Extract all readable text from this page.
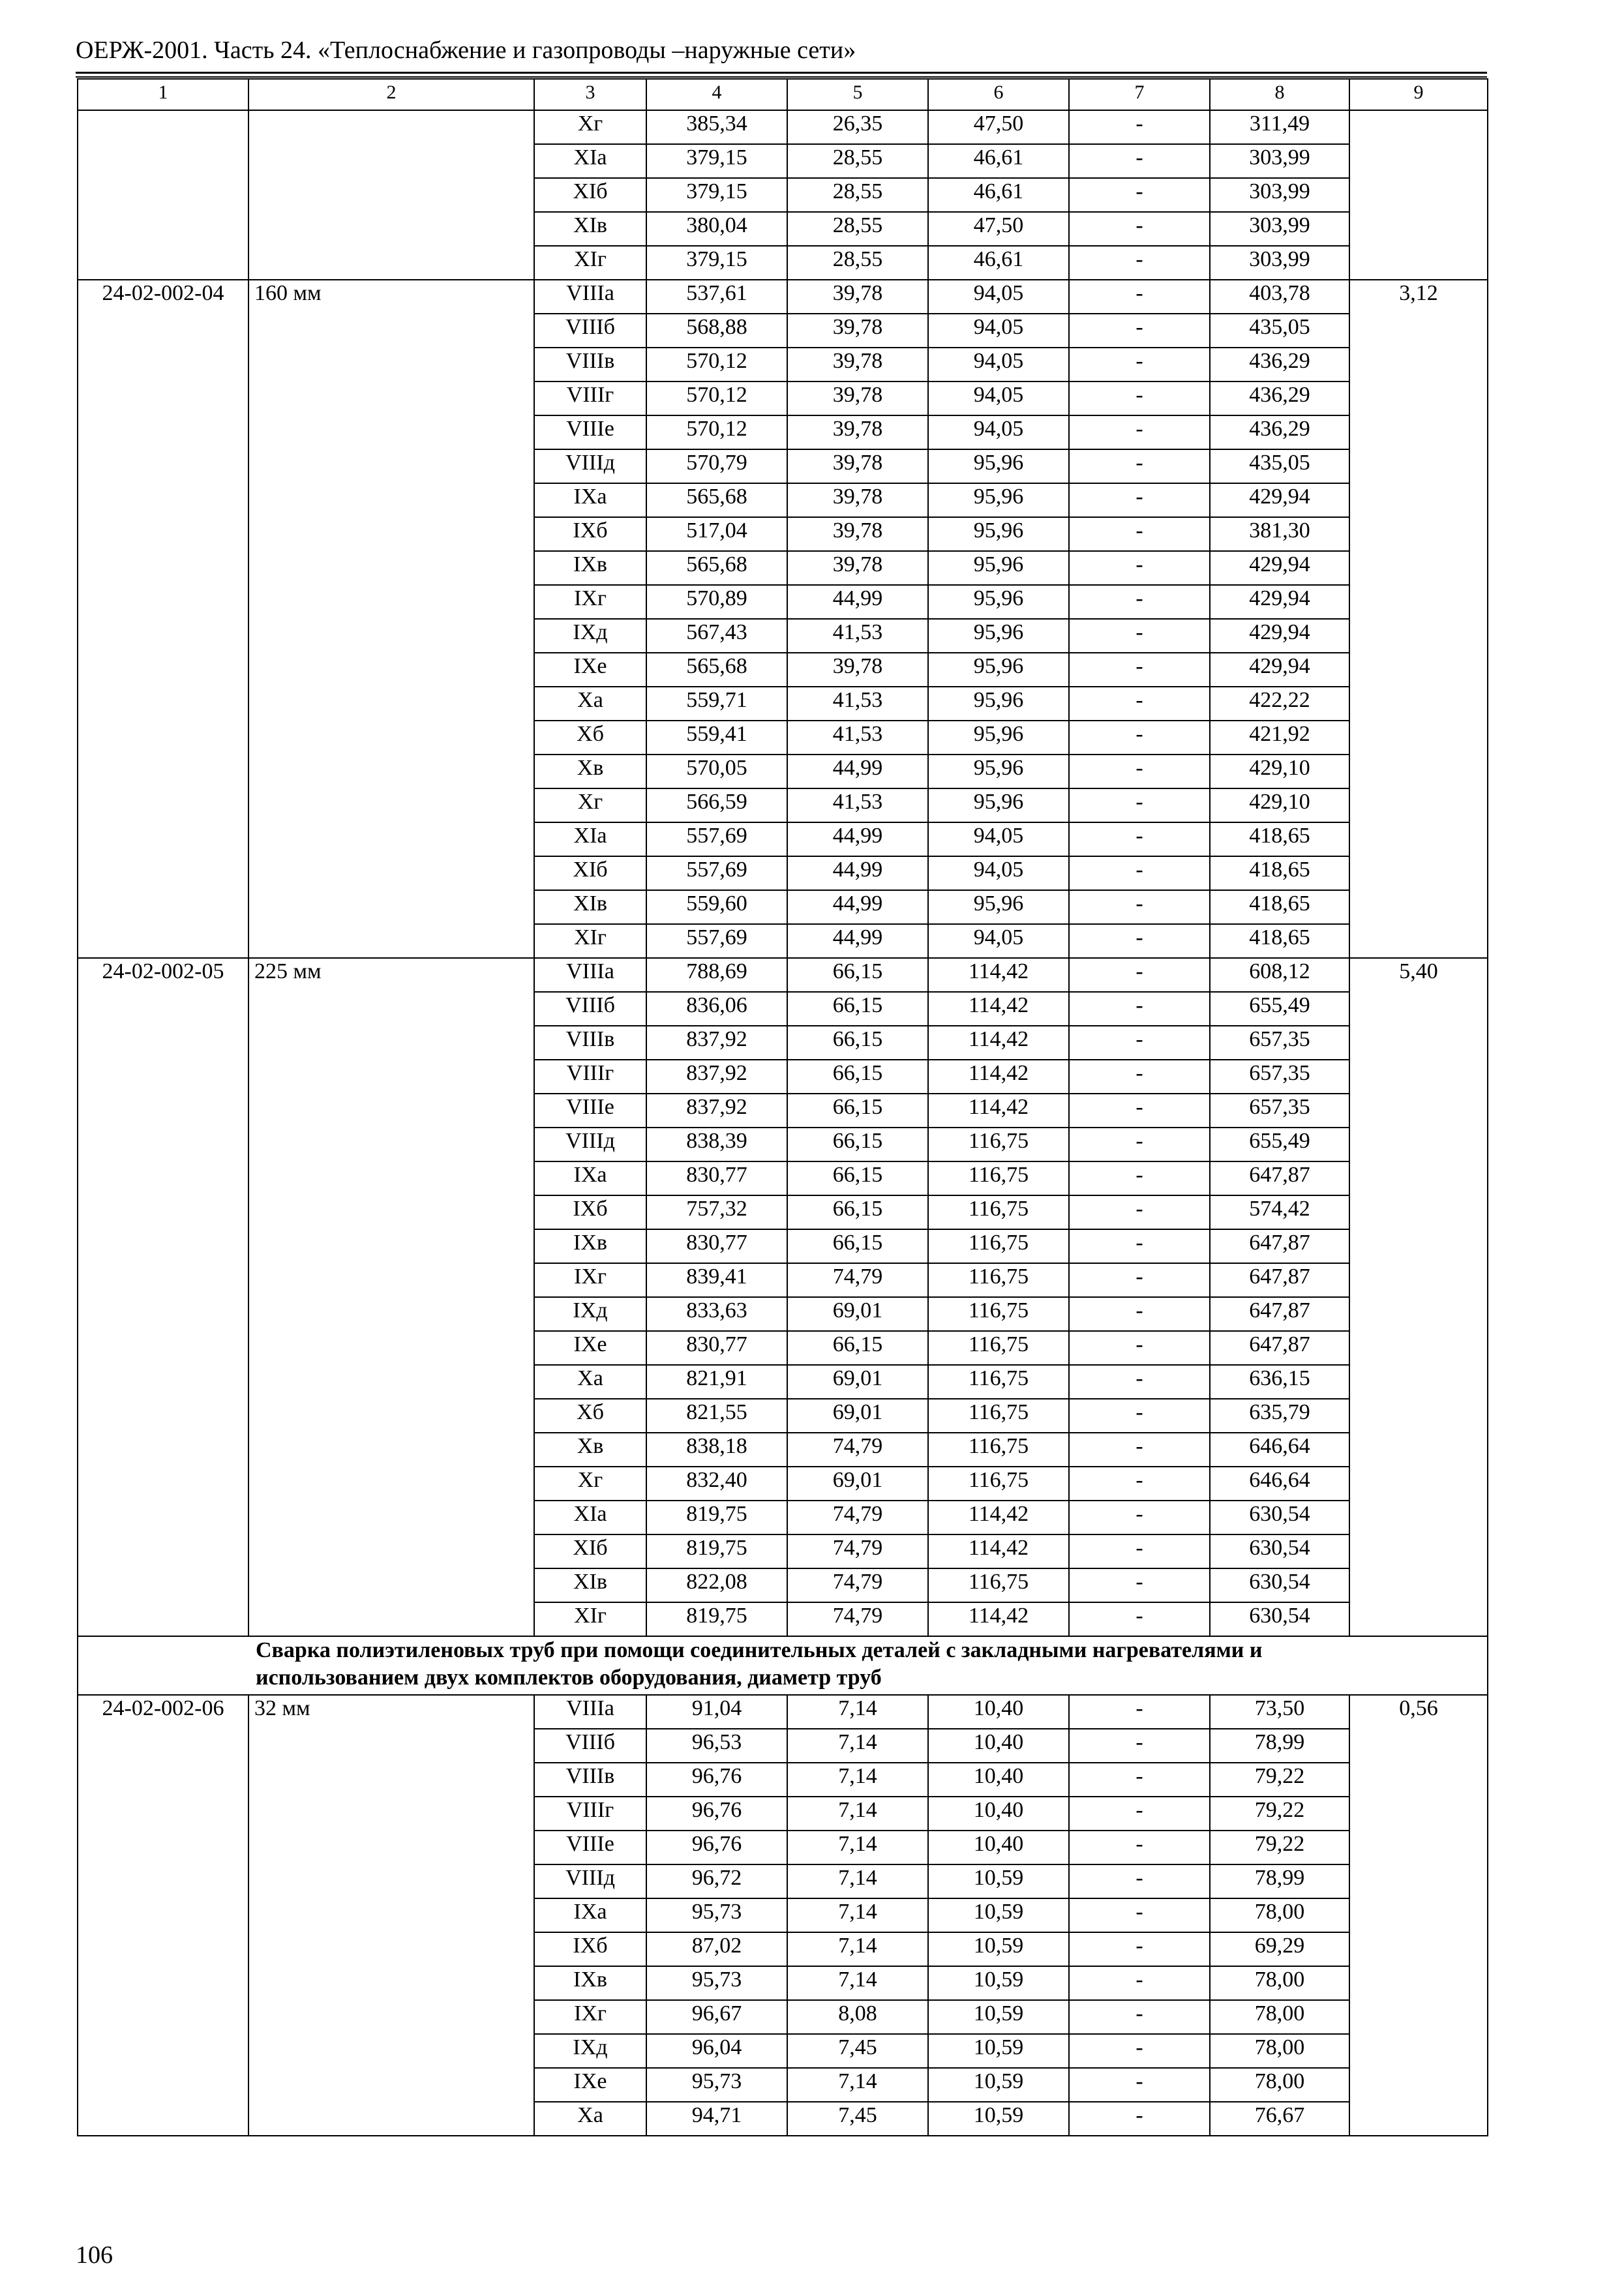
ОЕРЖ-2001. Часть 24. «Теплоснабжение и газопроводы –наружные сети»
1	2	3	4	5	6	7	8	9
		Xг	385,34	26,35	47,50	-	311,49	
		XIа	379,15	28,55	46,61	-	303,99	
		XIб	379,15	28,55	46,61	-	303,99	
		XIв	380,04	28,55	47,50	-	303,99	
		XIг	379,15	28,55	46,61	-	303,99	
24-02-002-04	160 мм	VIIIа	537,61	39,78	94,05	-	403,78	3,12
		VIIIб	568,88	39,78	94,05	-	435,05	
		VIIIв	570,12	39,78	94,05	-	436,29	
		VIIIг	570,12	39,78	94,05	-	436,29	
		VIIIе	570,12	39,78	94,05	-	436,29	
		VIIIд	570,79	39,78	95,96	-	435,05	
		IXа	565,68	39,78	95,96	-	429,94	
		IXб	517,04	39,78	95,96	-	381,30	
		IXв	565,68	39,78	95,96	-	429,94	
		IXг	570,89	44,99	95,96	-	429,94	
		IXд	567,43	41,53	95,96	-	429,94	
		IXе	565,68	39,78	95,96	-	429,94	
		Xа	559,71	41,53	95,96	-	422,22	
		Xб	559,41	41,53	95,96	-	421,92	
		Xв	570,05	44,99	95,96	-	429,10	
		Xг	566,59	41,53	95,96	-	429,10	
		XIа	557,69	44,99	94,05	-	418,65	
		XIб	557,69	44,99	94,05	-	418,65	
		XIв	559,60	44,99	95,96	-	418,65	
		XIг	557,69	44,99	94,05	-	418,65	
24-02-002-05	225 мм	VIIIа	788,69	66,15	114,42	-	608,12	5,40
		VIIIб	836,06	66,15	114,42	-	655,49	
		VIIIв	837,92	66,15	114,42	-	657,35	
		VIIIг	837,92	66,15	114,42	-	657,35	
		VIIIе	837,92	66,15	114,42	-	657,35	
		VIIIд	838,39	66,15	116,75	-	655,49	
		IXа	830,77	66,15	116,75	-	647,87	
		IXб	757,32	66,15	116,75	-	574,42	
		IXв	830,77	66,15	116,75	-	647,87	
		IXг	839,41	74,79	116,75	-	647,87	
		IXд	833,63	69,01	116,75	-	647,87	
		IXе	830,77	66,15	116,75	-	647,87	
		Xа	821,91	69,01	116,75	-	636,15	
		Xб	821,55	69,01	116,75	-	635,79	
		Xв	838,18	74,79	116,75	-	646,64	
		Xг	832,40	69,01	116,75	-	646,64	
		XIа	819,75	74,79	114,42	-	630,54	
		XIб	819,75	74,79	114,42	-	630,54	
		XIв	822,08	74,79	116,75	-	630,54	
		XIг	819,75	74,79	114,42	-	630,54	

Сварка полиэтиленовых труб при помощи соединительных деталей с закладными нагревателями и использованием двух комплектов оборудования, диаметр труб								

24-02-002-06	32 мм	VIIIа	91,04	7,14	10,40	-	73,50	0,56
		VIIIб	96,53	7,14	10,40	-	78,99	
		VIIIв	96,76	7,14	10,40	-	79,22	
		VIIIг	96,76	7,14	10,40	-	79,22	
		VIIIе	96,76	7,14	10,40	-	79,22	
		VIIIд	96,72	7,14	10,59	-	78,99	
		IXа	95,73	7,14	10,59	-	78,00	
		IXб	87,02	7,14	10,59	-	69,29	
		IXв	95,73	7,14	10,59	-	78,00	
		IXг	96,67	8,08	10,59	-	78,00	
		IXд	96,04	7,45	10,59	-	78,00	
		IXе	95,73	7,14	10,59	-	78,00	
		Xа	94,71	7,45	10,59	-	76,67	
106
